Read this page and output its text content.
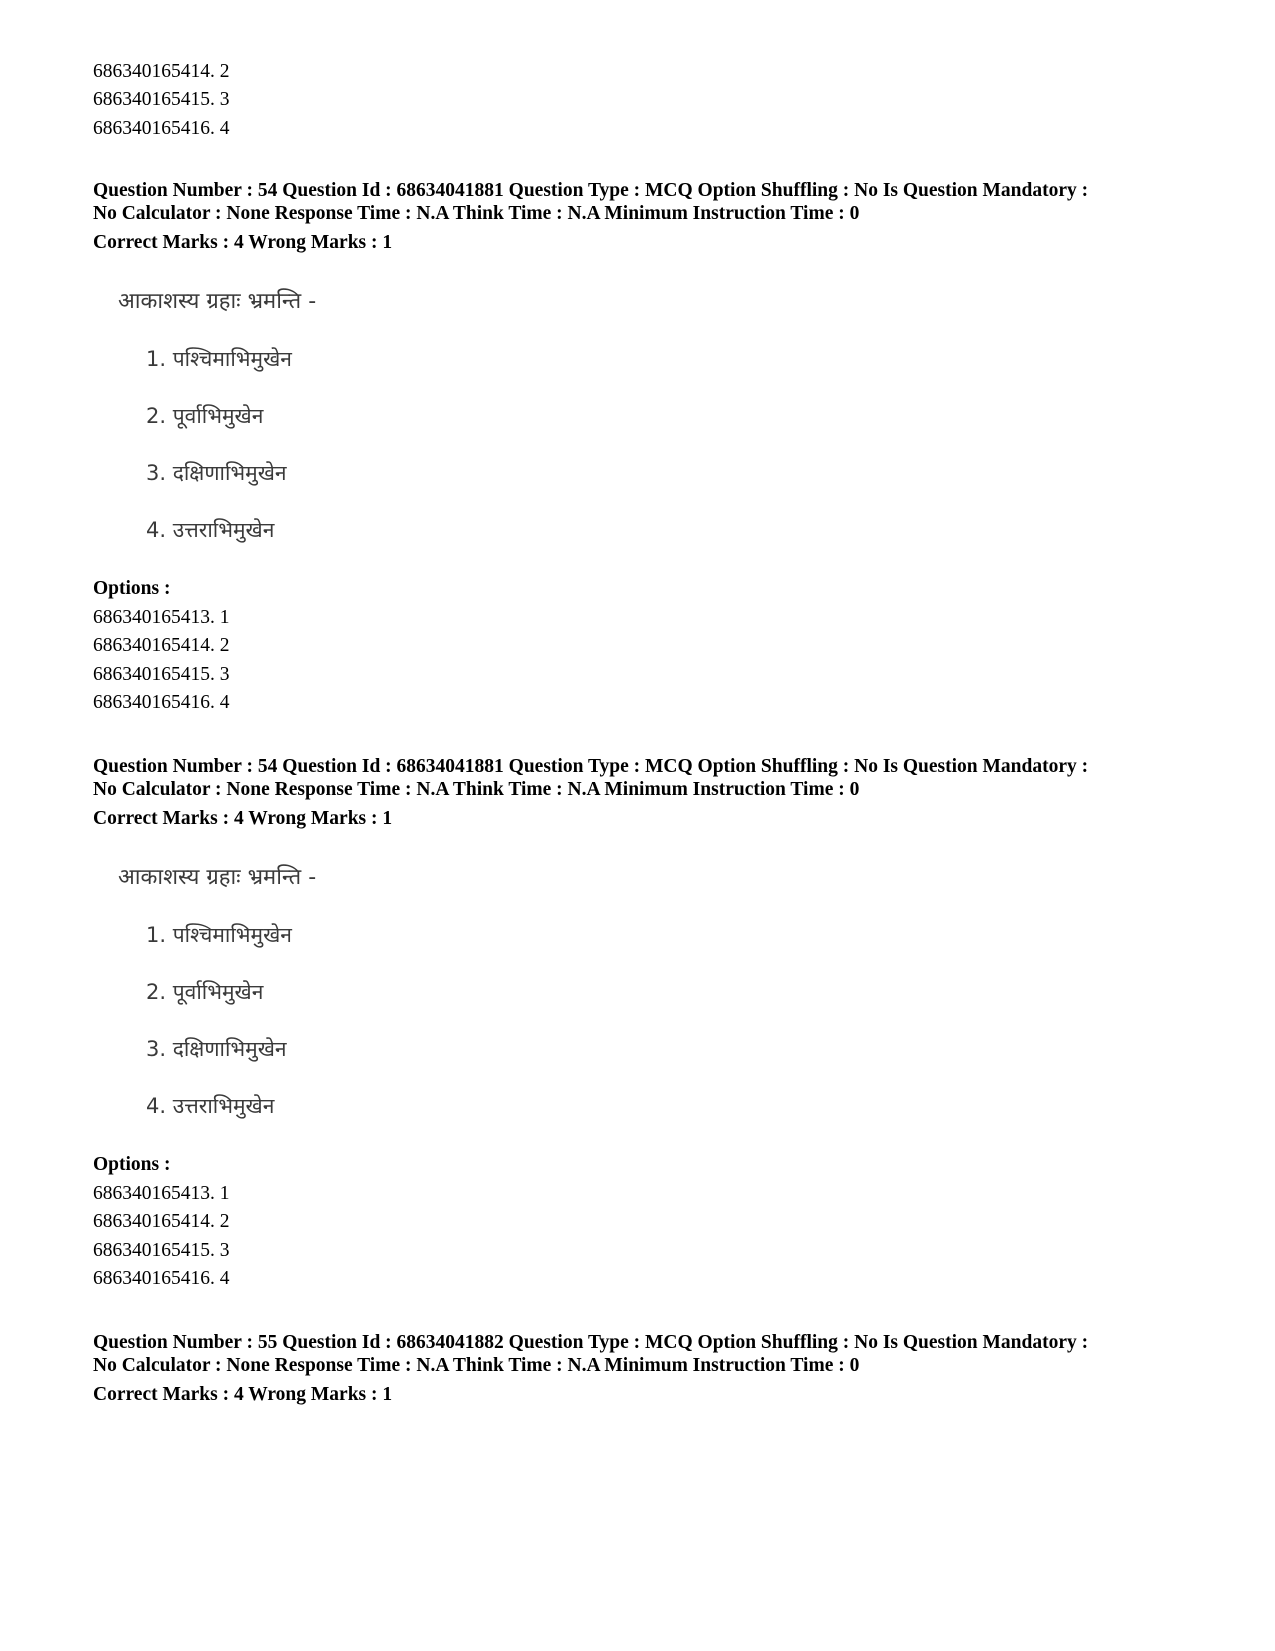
686340165414. 2
686340165415. 3
686340165416. 4
Question Number : 54 Question Id : 68634041881 Question Type : MCQ Option Shuffling : No Is Question Mandatory :
No Calculator : None Response Time : N.A Think Time : N.A Minimum Instruction Time : 0
Correct Marks : 4 Wrong Marks : 1
आकाशस्य ग्रहाः भ्रमन्ति -
1. पश्चिमाभिमुखेन
2. पूर्वाभिमुखेन
3. दक्षिणाभिमुखेन
4. उत्तराभिमुखेन
Options :
686340165413. 1
686340165414. 2
686340165415. 3
686340165416. 4
Question Number : 54 Question Id : 68634041881 Question Type : MCQ Option Shuffling : No Is Question Mandatory :
No Calculator : None Response Time : N.A Think Time : N.A Minimum Instruction Time : 0
Correct Marks : 4 Wrong Marks : 1
आकाशस्य ग्रहाः भ्रमन्ति -
1. पश्चिमाभिमुखेन
2. पूर्वाभिमुखेन
3. दक्षिणाभिमुखेन
4. उत्तराभिमुखेन
Options :
686340165413. 1
686340165414. 2
686340165415. 3
686340165416. 4
Question Number : 55 Question Id : 68634041882 Question Type : MCQ Option Shuffling : No Is Question Mandatory :
No Calculator : None Response Time : N.A Think Time : N.A Minimum Instruction Time : 0
Correct Marks : 4 Wrong Marks : 1
